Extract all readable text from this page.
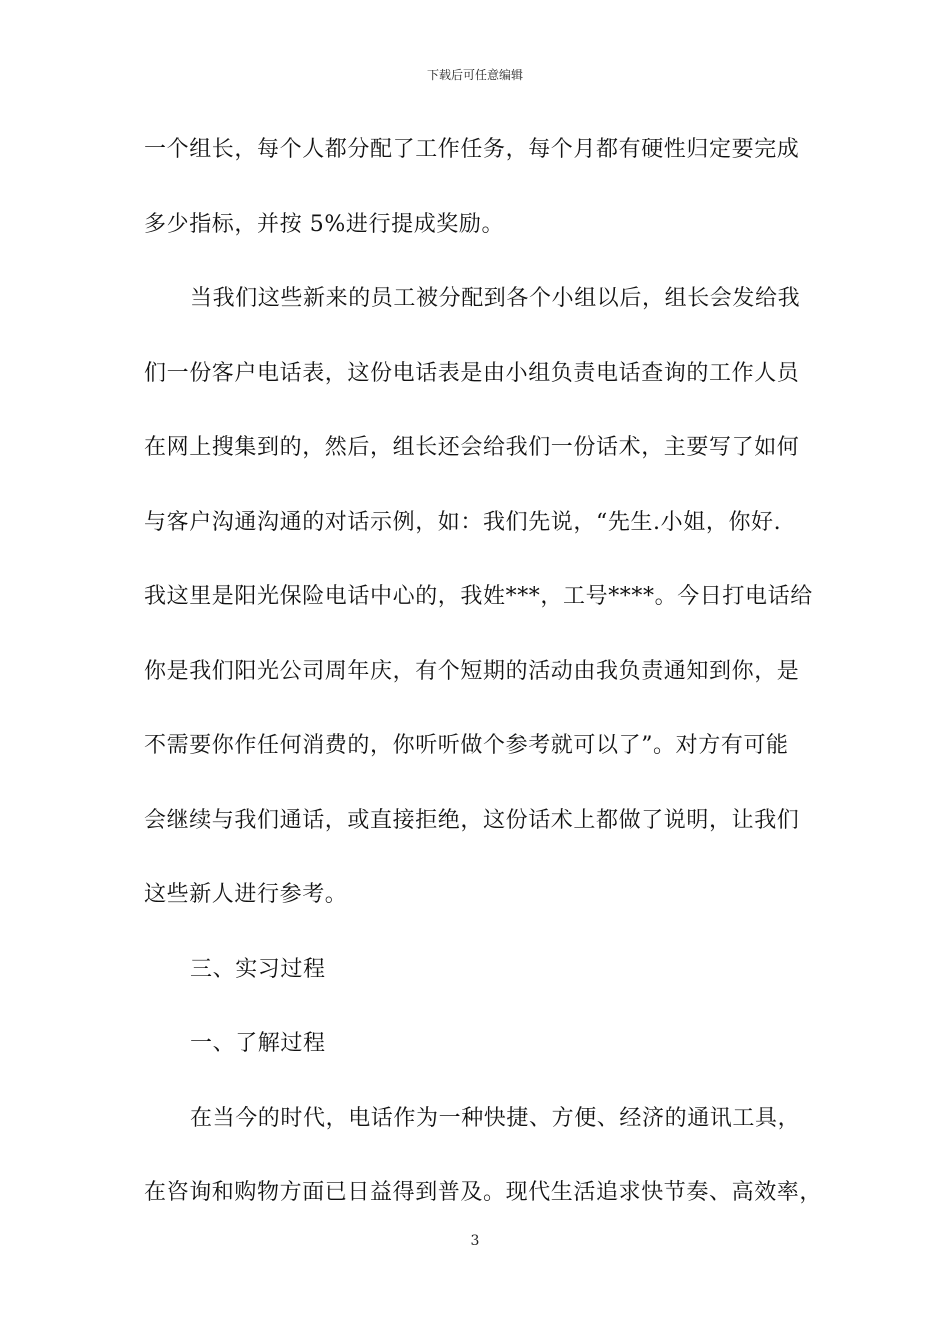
下载后可任意编辑
一个组长，每个人都分配了工作任务，每个月都有硬性归定要完成
多少指标，并按 5%进行提成奖励。
当我们这些新来的员工被分配到各个小组以后，组长会发给我
们一份客户电话表，这份电话表是由小组负责电话查询的工作人员
在网上搜集到的，然后，组长还会给我们一份话术，主要写了如何
与客户沟通沟通的对话示例，如：我们先说，“先生.小姐，你好.
我这里是阳光保险电话中心的，我姓***，工号****。今日打电话给
你是我们阳光公司周年庆，有个短期的活动由我负责通知到你，是
不需要你作任何消费的，你听听做个参考就可以了”。对方有可能
会继续与我们通话，或直接拒绝，这份话术上都做了说明，让我们
这些新人进行参考。
三、实习过程
一、了解过程
在当今的时代，电话作为一种快捷、方便、经济的通讯工具，
在咨询和购物方面已日益得到普及。现代生活追求快节奏、高效率，
3
